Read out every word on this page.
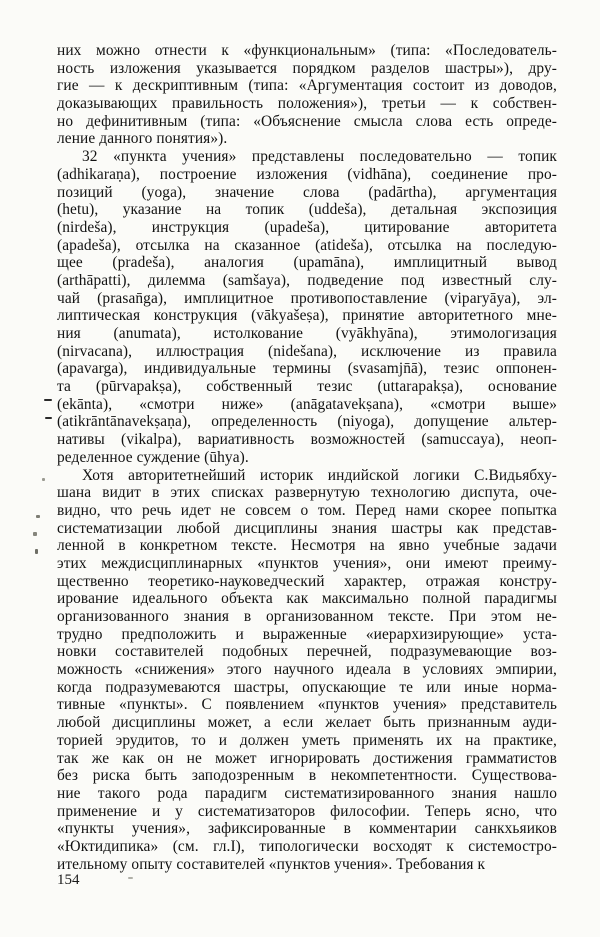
них можно отнести к «функциональным» (типа: «Последователь-
ность изложения указывается порядком разделов шастры»), дру-
гие — к дескриптивным (типа: «Аргументация состоит из доводов,
доказывающих правильность положения»), третьи — к собствен-
но дефинитивным (типа: «Объяснение смысла слова есть опреде-
ление данного понятия»).
32 «пункта учения» представлены последовательно — топик
(adhikaraṇa), построение изложения (vidhāna), соединение про-
позиций (yoga), значение слова (padārtha), аргументация
(hetu), указание на топик (uddeša), детальная экспозиция
(nirdeša), инструкция (upadeša), цитирование авторитета
(apadeša), отсылка на сказанное (atideša), отсылка на последую-
щее (pradeša), аналогия (upamāna), имплицитный вывод
(arthāpatti), дилемма (samšaya), подведение под известный слу-
чай (prasan̄ga), имплицитное противопоставление (viparyāya), эл-
липтическая конструкция (vākyašeṣa), принятие авторитетного мне-
ния (anumata), истолкование (vyākhyāna), этимологизация
(nirvacana), иллюстрация (nidešana), исключение из правила
(apavarga), индивидуальные термины (svasamjn̄ā), тезис оппонен-
та (pūrvapakṣa), собственный тезис (uttarapakṣa), основание
(ekānta), «смотри ниже» (anāgatavekṣana), «смотри выше»
(atikrāntānavekṣaṇa), определенность (niyoga), допущение альтер-
нативы (vikalpa), вариативность возможностей (samuccaya), неоп-
ределенное суждение (ūhya).
Хотя авторитетнейший историк индийской логики С.Видьябху-
шана видит в этих списках развернутую технологию диспута, оче-
видно, что речь идет не совсем о том. Перед нами скорее попытка
систематизации любой дисциплины знания шастры как представ-
ленной в конкретном тексте. Несмотря на явно учебные задачи
этих междисциплинарных «пунктов учения», они имеют преиму-
щественно теоретико-науковедческий характер, отражая констру-
ирование идеального объекта как максимально полной парадигмы
организованного знания в организованном тексте. При этом не-
трудно предположить и выраженные «иерархизирующие» уста-
новки составителей подобных перечней, подразумевающие воз-
можность «снижения» этого научного идеала в условиях эмпирии,
когда подразумеваются шастры, опускающие те или иные норма-
тивные «пункты». С появлением «пунктов учения» представитель
любой дисциплины может, а если желает быть признанным ауди-
торией эрудитов, то и должен уметь применять их на практике,
так же как он не может игнорировать достижения грамматистов
без риска быть заподозренным в некомпетентности. Существова-
ние такого рода парадигм систематизированного знания нашло
применение и у систематизаторов философии. Теперь ясно, что
«пункты учения», зафиксированные в комментарии санкхьяиков
«Юктидипика» (см. гл.I), типологически восходят к системостро-
ительному опыту составителей «пунктов учения». Требования к
154
